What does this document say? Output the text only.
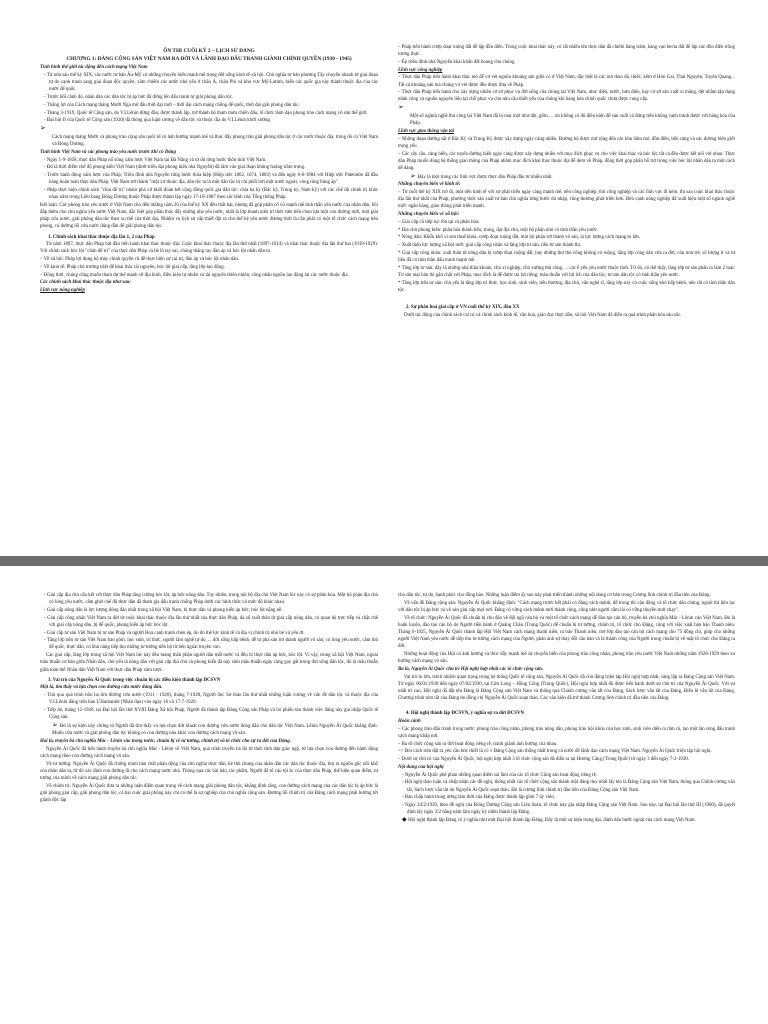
ÔN THI CUỐI KỲ 2 – LỊCH SỬ ĐẢNG

CHƯƠNG 1: ĐẢNG CỘNG SẢN VIỆT NAM RA ĐỜI VÀ LÃNH ĐẠO ĐẤU TRANH GIÀNH CHÍNH QUYỀN (1930 - 1945)

Tình hình thế giới tác động đến cách mạng Việt Nam

- Từ nửa sau thế kỷ XIX, các nước tư bản Âu-Mỹ có những chuyển biến mạnh mẽ trong đời sống kinh tế-xã hội. Chủ nghĩa tư bản phương Tây chuyển nhanh từ giai đoạn tự do cạnh tranh sang giai đoạn độc quyền, xâm chiếm các nước nhỏ yếu ở châu Á, châu Phi và khu vực Mỹ-Latinh, biến các quốc gia này thành thuộc địa của các nước đế quốc.

- Trước bối cảnh đó, nhân dân các dân tộc bị áp bức đã đứng lên đấu tranh tự giải phóng dân tộc.

- Thắng lợi của Cách mạng tháng Mười Nga mở đầu thời đại mới – thời đại cách mạng chống đế quốc, thời đại giải phóng dân tộc.

- Tháng 3-1919, Quốc tế Cộng sản, do V.I.Lênin đứng đầu, được thành lập, trở thành bộ tham mưu chiến đấu, tổ chức lãnh đạo phong trào cách mạng vô sản thế giới.

- Đại hội II của Quốc tế Cộng sản (1920) đã thông qua luận cương về dân tộc và thuộc địa do V.I.Lênin khởi xướng.

➢

Cách mạng tháng Mười và phong trào cộng sản quốc tế có ảnh hưởng mạnh mẽ và thúc đẩy phong trào giải phóng dân tộc ở các nước thuộc địa, trong đó có Việt Nam và Đông Dương.

Tình hình Việt Nam và các phong trào yêu nước trước khi có Đảng

- Ngày 1-9-1858, thực dân Pháp nổ súng xâm lược Việt Nam tại Đà Nẵng và từ đó từng bước thôn tính Việt Nam.

- Đó là thời điểm chế độ phong kiến Việt Nam (dưới triều đại phong kiến nhà Nguyễn) đã lâm vào giai đoạn khủng hoảng trầm trọng.

- Trước hành động xâm lược của Pháp, Triều đình nhà Nguyễn từng bước thỏa hiệp (Hiệp ước 1862, 1874, 1883) và đến ngày 6-6-1884 với Hiệp ước Patenôtre đã đầu hàng hoàn toàn thực dân Pháp, Việt Nam trở thành "một xứ thuộc địa, dân tộc ta là một dân tộc bị chi phối bởi một nước ngoài, vòng tùng bùng áp".

- Pháp thực hiện chính sách "chia để trị" nhằm phá vỡ khối đoàn kết cộng đồng quốc gia dân tộc: chia ba kỳ (Bắc kỳ, Trung kỳ, Nam kỳ) với các chế độ chính trị khác nhau nằm trong Liên bang Đông Dương thuộc Pháp được thành lập ngày 17-10-1887 theo sắc lệnh của Tổng thống Pháp.

Kết luận: Các phong trào yêu nước ở Việt Nam cho đến những năm 20 của thế kỷ XX đều thất bại, nhưng đã góp phần cổ vũ mạnh mẽ tinh thần yêu nước của nhân dân, bồi đắp thêm cho chủ nghĩa yêu nước Việt Nam, đặc biệt góp phần thúc đẩy những nhà yêu nước, nhất là lớp thanh niên trí thức tiên tiến chọn lựa một con đường mới, một giải pháp cứu nước, giải phóng dân tộc theo xu thế của thời đại. Nhiệm vụ lịch sử cấp thiết đặt ra cho thế hệ yêu nước đương thời là cần phải có một tổ chức cách mạng tiên phong, có đường lối cứu nước đúng đắn để giải phóng dân tộc.

1. Chính sách khai thác thuộc địa lần 1, 2 của Pháp

Từ năm 1897, thực dân Pháp bắt đầu tiến hành khai thác thuộc địa: Cuộc khai thác thuộc địa lần thứ nhất (1897-1914) và khai thác thuộc địa lần thứ hai (1919-1929). Với chính sách bóc lột "chân đế trị" của thực dân Pháp và bè lũ tay sai, chúng thẳng tay đàn áp và bóc lột nhân dân ta.

– Về xã hội: Pháp lợi dụng bộ máy chính quyền cũ để thực hiện sự cai trị, đàn áp và bóc lột nhân dân.

– Về kinh tế: Pháp chủ trương triệt để khai thác tài nguyên, bóc lột giai cấp, tầng lớp lao động.

– Đồng thời, chúng cũng muốn tham dự thế mạnh về địa hình, điều kiện tự nhiên và tài nguyên thiên nhiên, công nhân nguồn lao động tại các nước thuộc địa.

Các chính sách khai thác thuộc địa như sau:

Lĩnh vực nông nghiệp

– Pháp tiến hành cướp đoạt ruộng đất để lập đồn điền. Trong cuộc khai thác này, có rất nhiều tên thực dân đã chiếm hàng trăm, hàng vạn hecta đất để lập các đồn điền trồng lương thực.

– Ép triều đình nhà Nguyễn khai khẩn đất hoang cho chúng.

Lĩnh vực công nghiệp

– Thực dân Pháp tiến hành khai thác mỏ để vơ vét nguồn khoáng sản giữa có ở Việt Nam, đặc biệt là các mỏ than đá, thiếc, kẽm ở Hòn Gai, Thái Nguyên, Tuyên Quang... Tất cả khoáng sản mà chúng vơ vét được đều được đưa về Pháp.

– Thực dân Pháp tiến hành cho xây dựng nhiều cơ sở phục vụ đời sống của chúng tại Việt Nam, như: điện, nước, bưu điện, hay cơ sở sản xuất xi măng, dệt nhằm tận dụng nhân công và nguồn nguyên liệu tại chỗ phục vụ cho nhu cầu thiết yếu của chúng khi hàng hóa chính quốc chưa được cung cấp.

➢

Một số ngành nghề thủ công tại Việt Nam đã bị mai một như dệt, gốm, ... do không có đủ điều kiện để sản xuất và đứng trên không cạnh tranh được với hàng hóa của Pháp.

Lĩnh vực giao thông vận tải

– Những đoạn đường sắt ở Bắc Kỳ và Trung Kỳ được xây dựng ngày càng nhiều. Đường bộ được mở rộng đến các khu hầm mỏ, đồn điền, bến cảng và các đường biên giới trọng yếu.

– Các cây cầu, cảng biển, các tuyến đường biển ngày càng được xây dựng nhiều với mục đích phục vụ cho việc khai thác và bóc lột, tất cả đều được kết nối với nhau. Thực dân Pháp muốn dùng hệ thống giao thông của Pháp nhằm mục đích khai thác thuộc địa để đem về Pháp, đồng thời góp phần hỗ trợ trong việc bóc lột nhân dân ta một cách dễ dàng.

➢ Đây là một trong các lĩnh vực được thực dân Pháp đầu tư nhiều nhất.

Những chuyển biến về kinh tế:

– Từ cuối thế kỷ XIX trở đi, một nền kinh tế với sự phát triển ngày càng mạnh mẽ, nền công nghiệp, thủ công nghiệp và các lĩnh vực đi kèm, thì sau cuộc khai thác thuộc địa lần thứ nhất của Pháp, phương thức sản xuất tư bản chủ nghĩa từng bước du nhập, công thương phát triển hơn. Bên cạnh nông nghiệp đã xuất hiện một số ngành nghề mới: ngân hàng, giao thông phát triển mạnh.

Những chuyển biến về xã hội:

– Giai cấp cũ tiếp tục tồn tại và phân hóa:

* Địa chủ phong kiến: phân hóa thành tiểu, trung, đại địa chủ, một bộ phận nhỏ có tinh thần yêu nước.

* Nông dân: Khốn khổ vì sưu thuế khóa, cướp đoạt ruộng đất, một bộ phận trở thành vô sản, là lực lượng cách mạng to lớn.

– Xuất hiện lực lượng xã hội mới: giai cấp công nhân và tầng lớp tư sản, tiểu tư sản thành thị.

* Giai cấp công nhân: xuất thân từ nông dân bị cướp đoạt ruộng đất, hay những thợ thủ công không có ruộng, tầng lớp công dân vừa ra đời, còn non trẻ, số lượng ít và tư liệu đã có tinh thần đấu tranh mạnh mẽ.

* Tầng lớp tư sản: đây là những nhà thầu khoán, chủ xí nghiệp, chủ xưởng thủ công, ... các ể yếu yêu nước thuộc thời. Từ đó, có thể thấy, tầng lớp tư sản phân ra làm 2 loại: Tư sản mại bản thì gắn chặt với Pháp, mục đích là để được ưu lợi riêng; mâu thuẫn với lợi ích của dân tộc; tư sản dân tộc có tinh thần yêu nước.

* Tầng lớp tiểu tư sản: chủ yếu là tầng lớp trí thức, học sinh, sinh viên, tiểu thương, địa chủ, văn nghệ sĩ, tầng lớp này có cuộc sống khó bấp bênh, nên rất có tinh thần dân tộc.

2. Sự phân hoá giai cấp ở VN cuối thế kỷ XIX, đầu XX

Dưới tác động của chính sách cai trị và chính sách kinh tế, văn hoá, giáo dục thực dân, xã hội Việt Nam đã diễn ra quá trình phân hóa sâu sắc.

- Giai cấp địa chủ cấu kết với thực dân Pháp tăng cường bóc lột, áp bức nông dân. Tuy nhiên, trong nội bộ địa chủ Việt Nam lúc này có sự phân hóa. Một bộ phận địa chủ có lòng yêu nước, căm ghét chế độ thực dân đã tham gia đấu tranh chống Pháp dưới các hình thức và mức độ khác nhau.

- Giai cấp nông dân là lực lượng đông đảo nhất trong xã hội Việt Nam, bị thực dân và phong kiến áp bức, bóc lột nặng nề.

- Giai cấp công nhân Việt Nam ra đời từ cuộc khai thác thuộc địa lần thứ nhất của thực dân Pháp, đa số xuất thân từ giai cấp nông dân, có quan hệ trực tiếp và chặt chẽ với giai cấp nông dân, bị đế quốc, phong kiến áp bức bóc lột.

- Giai cấp tư sản Việt Nam bị tư sản Pháp và người Hoa cạnh tranh chèn ép, do đó thế lực kinh tế và địa vị chính trị nhỏ bé và yếu ớt.

- Tầng lớp tiểu tư sản Việt Nam bao gồm: học sinh, trí thức, người làm nghề tự do, ... đời sống bấp bênh, dễ bị phá sản trở thành người vô sản; có lòng yêu nước, căm thù đế quốc, thực dân, có khả năng tiếp thu những tư tưởng tiến bộ từ bên ngoài truyền vào.

Các giai cấp, tầng lớp trong xã hội Việt Nam lúc này đều mang thân phận người dân mất nước và đều bị thực dân áp bức, bóc lột. Vì vậy, trong xã hội Việt Nam, ngoài mâu thuẫn cơ bản giữa Nhân dân, chủ yếu là nông dân với giai cấp địa chủ và phong kiến đã nảy sinh mâu thuẫn ngày càng gay gắt trong đời sống dân tộc, đó là mâu thuẫn giữa toàn thể Nhân dân Việt Nam với thực dân Pháp xâm lược.

3. Vai trò của Nguyễn Ái Quốc trong việc chuẩn bị các điều kiện thành lập ĐCSVN

Một là, tìm thấy và lựa chọn con đường cứu nước đúng đắn.

- Trải qua quá trình bôn ba tìm đường cứu nước (1911 - 1920), tháng 7-1920, Người đọc Sơ thảo lần thứ nhất những luận cương về vấn đề dân tộc và thuộc địa của V.I.Lênin đăng trên báo L'Humanité (Nhân đạo) vào ngày 16 và 17-7-1920.

- Tiếp đó, tháng 12-1920, tại Đại hội lần thứ XVIII Đảng Xã hội Pháp, Người đã thành lập Đảng Cộng sản Pháp và bỏ phiếu tán thành việc đảng này gia nhập Quốc tế Cộng sản.

➢ Đó là sự kiện này chứng tỏ Người đã tìm thấy và lựa chọn dứt khoát con đường cứu nước đúng đắn cho dân tộc Việt Nam. Lênin Nguyễn Ái Quốc khẳng định: Muốn cứu nước và giải phóng dân tộc không có con đường nào khác con đường cách mạng vô sản.

Hai là, truyền bá chủ nghĩa Mác - Lênin vào trong nước, chuẩn bị về tư tưởng, chính trị và tổ chức cho sự ra đời của Đảng.

Nguyễn Ái Quốc đã tiến hành truyền bá chủ nghĩa Mác - Lênin về Việt Nam, quá trình truyền bá đó từ thức tỉnh dân giác ngộ, từ lựa chọn con đường đến hành động cách mạng theo con đường cách mạng vô sản.

Về tư tưởng: Nguyễn Ái Quốc đã chứng minh bản chất phản động của chủ nghĩa thực dân, kẻ thù chung của nhân dân các dân tộc thuộc địa, tìm ra nguồn gốc nỗi khổ của nhân dân ta, từ đó xác định con đường đi cho cách mạng nước nhà. Thông qua các bài báo, tác phẩm, Người đã tố cáo tội ác của thực dân Pháp, thể hiện quan điểm, tư tưởng của mình về cách mạng giải phóng dân tộc.

Về chính trị: Nguyễn Ái Quốc đưa ra những luận điểm quan trọng về cách mạng giải phóng dân tộc, khẳng định rằng, con đường cách mạng của các dân tộc bị áp bức là giải phóng giai cấp, giải phóng dân tộc, cả hai cuộc giải phóng này chỉ có thể là sự nghiệp của chủ nghĩa cộng sản. Đường lối chính trị của Đảng cách mạng phải hướng tới giành độc lập

cho dân tộc, tự do, hạnh phúc cho đồng bào. Những luận điểm ấy sau này phát triển thành những nội dung cơ bản trong Cương lĩnh chính trị đầu tiên của Đảng.

Về vấn đề Đảng cộng sản: Nguyễn Ái Quốc khẳng định: "Cách mạng trước hết phải có đảng cách mệnh, để trong thì vận động và tổ chức dân chúng, ngoài thì liên lạc với dân tộc bị áp bức và vô sản giai cấp mọi nơi. Đảng có vững cách mệnh mới thành công, cũng như người cầm lái có vững thuyền mới chạy".

Về tổ chức: Nguyễn Ái Quốc đã chuẩn bị chu đáo về đội ngũ cán bộ và một tổ chức cách mạng để đào tạo cán bộ, truyền bá chủ nghĩa Mác - Lênin vào Việt Nam. Đó là huấn luyện, đào tạo cán bộ do Người tiến hành ở Quảng Châu (Trung Quốc) để chuẩn bị tư tưởng, chính trị, tổ chức cho Đảng, cùng với việc xuất bản báo Thanh niên. Tháng 6-1925, Nguyễn Ái Quốc thành lập Hội Việt Nam cách mạng thanh niên, ra báo Thanh niên, mở lớp đào tạo cán bộ cách mạng cho 75 đồng chí, giúp cho những người Việt Nam yêu nước dễ tiếp thu tư tưởng cách mạng của Người, phản ánh sự thay đổi căn bản và là thành công của Người trong chuẩn bị về mặt tổ chức cho Đảng ra đời.

Những hoạt động của Hội có ảnh hưởng và thúc đẩy mạnh mẽ sự chuyển biến của phong trào công nhân, phong trào yêu nước Việt Nam những năm 1928-1929 theo xu hướng cách mạng vô sản.

Ba là, Nguyễn Ái Quốc chủ trì Hội nghị hợp nhất các tổ chức cộng sản.

Vai trò to lớn, trách nhiệm quan trọng trong hệ thống Quốc tế cộng sản, Nguyễn Ái Quốc đã chủ động triệu tập Hội nghị hợp nhất, sáng lập ra Đảng Cộng sản Việt Nam. Từ ngày 06/01/1930 đến ngày 07/02/1930, tại Cửu Long – Hồng Công (Trung Quốc), Hội nghị hợp nhất đã được tiến hành dưới sự chủ trì của Nguyễn Ái Quốc. Với sự nhất trí cao, Hội nghị đã đặt tên Đảng là Đảng Cộng sản Việt Nam và thông qua Chánh cương vắn tắt của Đảng, Sách lược vắn tắt của Đảng, Điều lệ vắn tắt của Đảng, Chương trình tóm tắt của Đảng do đồng chí Nguyễn Ái Quốc soạn thảo. Các văn kiện đã trở thành Cương lĩnh chính trị đầu tiên của Đảng.

4. Hội nghị thành lập ĐCSVN, ý nghĩa sự ra đời ĐCSVN

Hoàn cảnh

– Các phong trào đấu tranh trong nước: phong trào công nhân, phong trào nông dân, phong trào hội khóa của học sinh, sinh viên diễn ra rầm rộ, tạo một làn sóng đấu tranh cách mạng khắp nơi.

– Ba tổ chức cộng sản ra đời hoạt động riêng rẽ, tranh giành ảnh hưởng của nhau.

=> Đòi cách trên đặt ra yêu cầu bức thiết là có 1 Đảng Cộng sản thống nhất trong cả nước để lãnh đạo cách mạng Việt Nam. Nguyễn Ái Quốc triệu tập hội nghị.

– Dưới sự chủ trì của Nguyễn Ái Quốc, hội nghị hợp nhất 3 tổ chức cộng sản đã diễn ra tại Hương Cảng (Trung Quốc) từ ngày 3 đến ngày 7-2-1930.

Nội dung của hội nghị

- Nguyễn Ái Quốc phê phán những quan điểm sai lầm của các tổ chức Cộng sản hoạt động riêng rẽ.

- Hội nghị thảo luận và chấp nhận các đề nghị, thống nhất các tổ chức cộng sản thành một đảng duy nhất lấy tên là Đảng Cộng sản Việt Nam, thông qua Chính cương vắn tắt, Sách lược vắn tắt do Nguyễn Ái Quốc soạn thảo. Đó là cương lĩnh chính trị đầu tiên của Đảng Cộng sản Việt Nam.

- Ban chấp hành trung ương lâm thời của Đảng được thành lập gồm 7 ủy viên.

- Ngày 24/2/1930, theo đề nghị của Đông Dương Cộng sản Liên đoàn, tổ chức này gia nhập Đảng Cộng sản Việt Nam. Sau này, tại Đại hội lần thứ III (1960), đã quyết định lấy ngày 3/2 hằng năm làm ngày kỷ niệm thành lập Đảng.

◆ Hội nghị thành lập Đảng có ý nghĩa như một Đại hội thành lập Đảng. Đây là một sự kiện trọng đại, đánh dấu bước ngoặt của cách mạng Việt Nam.
